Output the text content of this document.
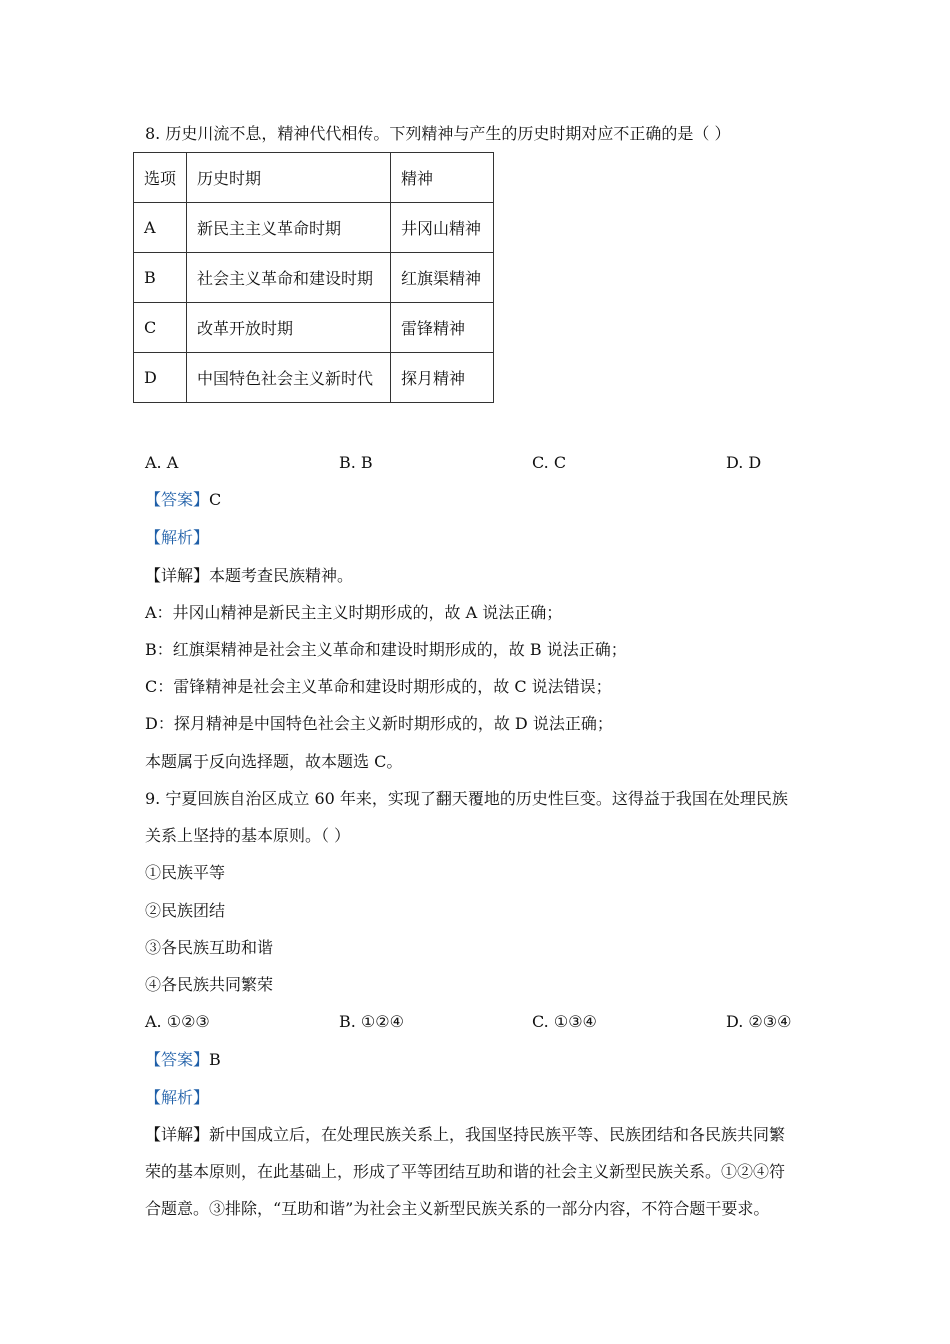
8. 历史川流不息，精神代代相传。下列精神与产生的历史时期对应不正确的是（ ）
选项	历史时期	精神
A	新民主主义革命时期	井冈山精神
B	社会主义革命和建设时期	红旗渠精神
C	改革开放时期	雷锋精神
D	中国特色社会主义新时代	探月精神
A. A	B. B	C. C	D. D
【答案】C
【解析】
【详解】本题考查民族精神。
A：井冈山精神是新民主主义时期形成的，故 A 说法正确；
B：红旗渠精神是社会主义革命和建设时期形成的，故 B 说法正确；
C：雷锋精神是社会主义革命和建设时期形成的，故 C 说法错误；
D：探月精神是中国特色社会主义新时期形成的，故 D 说法正确；
本题属于反向选择题，故本题选 C。
9. 宁夏回族自治区成立 60 年来，实现了翻天覆地的历史性巨变。这得益于我国在处理民族
关系上坚持的基本原则。（ ）
①民族平等
②民族团结
③各民族互助和谐
④各民族共同繁荣
A. ①②③	B. ①②④	C. ①③④	D. ②③④
【答案】B
【解析】
【详解】新中国成立后，在处理民族关系上，我国坚持民族平等、民族团结和各民族共同繁
荣的基本原则，在此基础上，形成了平等团结互助和谐的社会主义新型民族关系。①②④符
合题意。③排除，“互助和谐”为社会主义新型民族关系的一部分内容，不符合题干要求。
